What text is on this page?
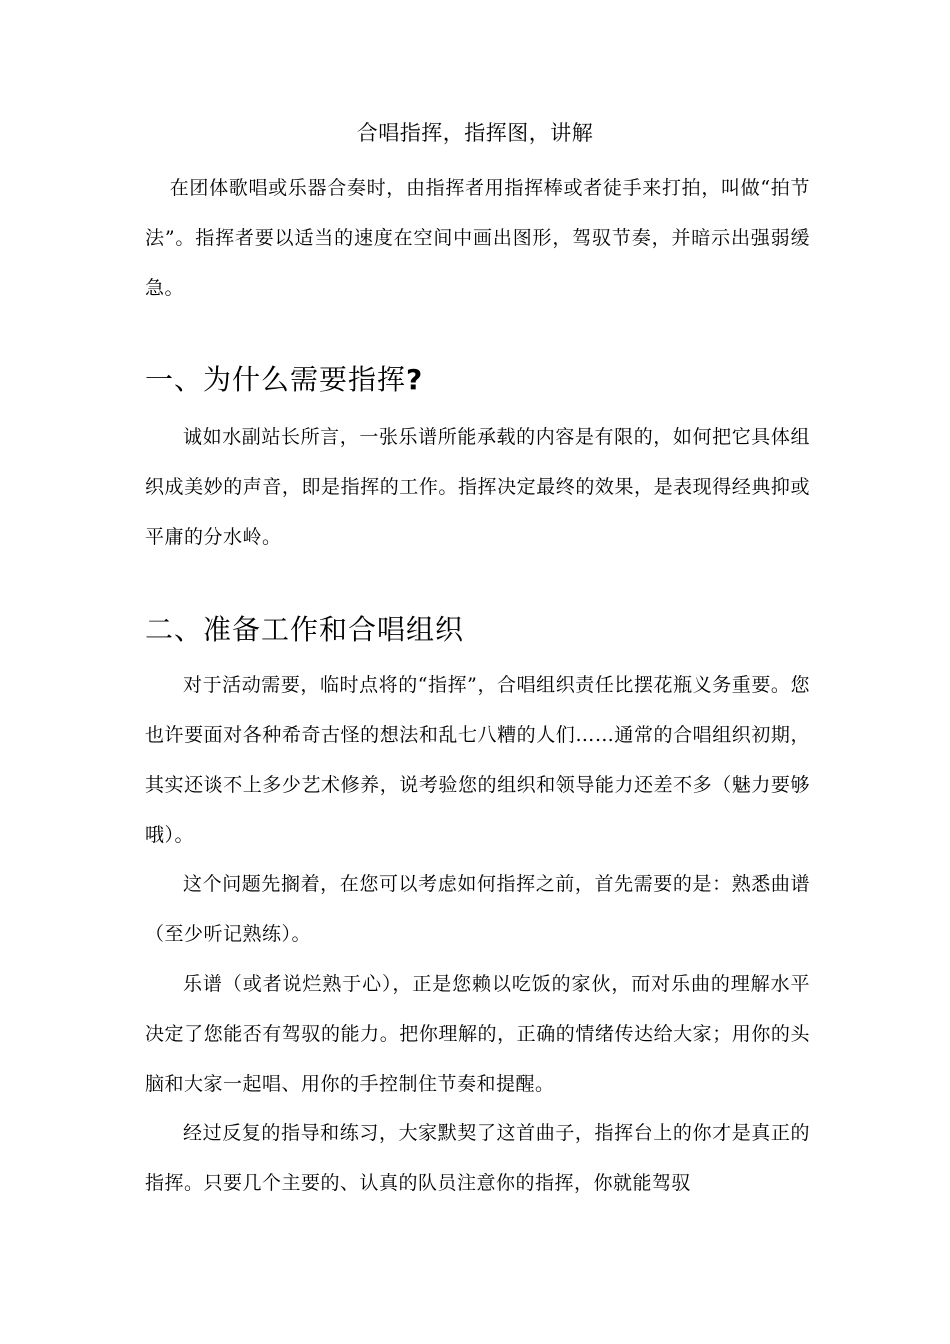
合唱指挥，指挥图，讲解

在团体歌唱或乐器合奏时，由指挥者用指挥棒或者徒手来打拍，叫做“拍节法”。指挥者要以适当的速度在空间中画出图形，驾驭节奏，并暗示出强弱缓急。

一、为什么需要指挥?

诚如水副站长所言，一张乐谱所能承载的内容是有限的，如何把它具体组织成美妙的声音，即是指挥的工作。指挥决定最终的效果，是表现得经典抑或平庸的分水岭。

二、准备工作和合唱组织

对于活动需要，临时点将的“指挥”，合唱组织责任比摆花瓶义务重要。您也许要面对各种希奇古怪的想法和乱七八糟的人们……通常的合唱组织初期，其实还谈不上多少艺术修养，说考验您的组织和领导能力还差不多（魅力要够哦）。

这个问题先搁着，在您可以考虑如何指挥之前，首先需要的是：熟悉曲谱（至少听记熟练）。

乐谱（或者说烂熟于心），正是您赖以吃饭的家伙，而对乐曲的理解水平决定了您能否有驾驭的能力。把你理解的，正确的情绪传达给大家；用你的头脑和大家一起唱、用你的手控制住节奏和提醒。

经过反复的指导和练习，大家默契了这首曲子，指挥台上的你才是真正的指挥。只要几个主要的、认真的队员注意你的指挥，你就能驾驭
